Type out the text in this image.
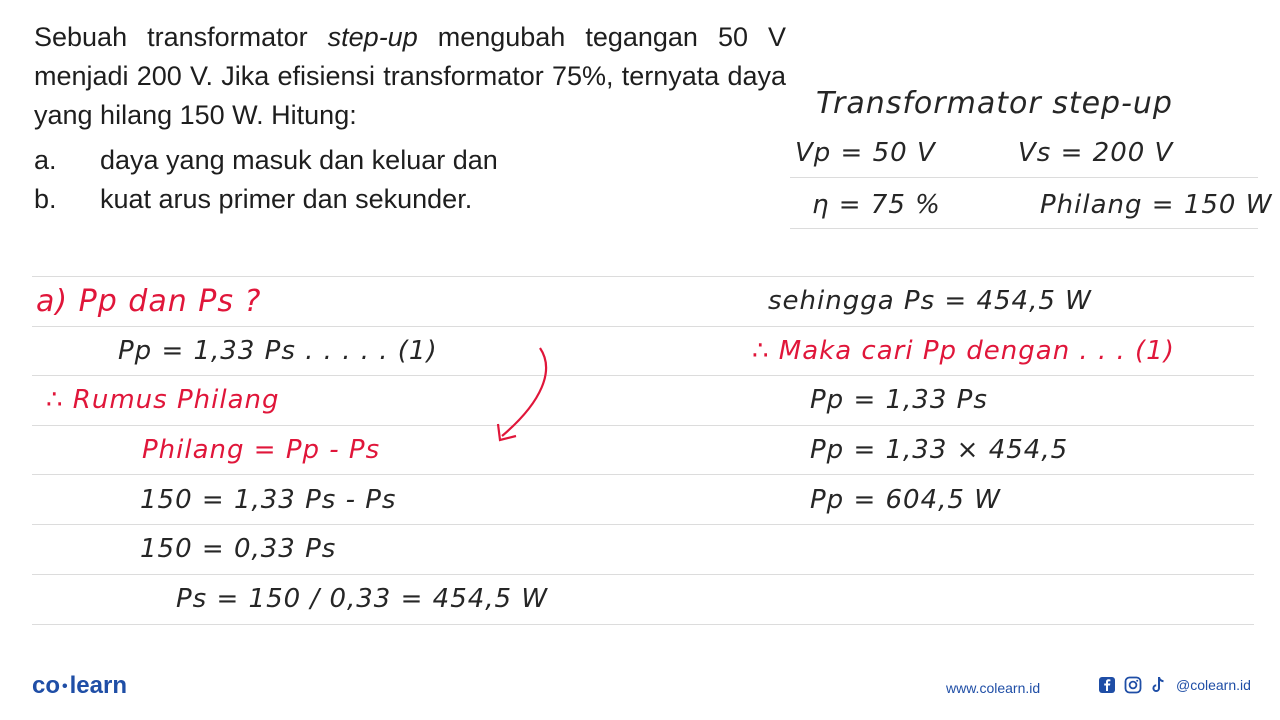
Sebuah transformator step-up mengubah tegangan 50 V menjadi 200 V. Jika efisiensi transformator 75%, ternyata daya yang hilang 150 W. Hitung:

a.	daya yang masuk dan keluar dan
b.	kuat arus primer dan sekunder.
Transformator step-up
Vp = 50 V	Vs = 200 V
η = 75 %	Philang = 150 W
a) Pp dan Ps ?
Pp = 1,33 Ps . . . . . (1)
∴ Rumus Philang
Philang = Pp - Ps
150 = 1,33 Ps - Ps
150 = 0,33 Ps
Ps = 150 / 0,33 = 454,5 W
sehingga Ps = 454,5 W
∴ Maka cari Pp dengan . . . (1)
Pp = 1,33 Ps
Pp = 1,33 × 454,5
Pp = 604,5 W
co •learn	www.colearn.id	@colearn.id
